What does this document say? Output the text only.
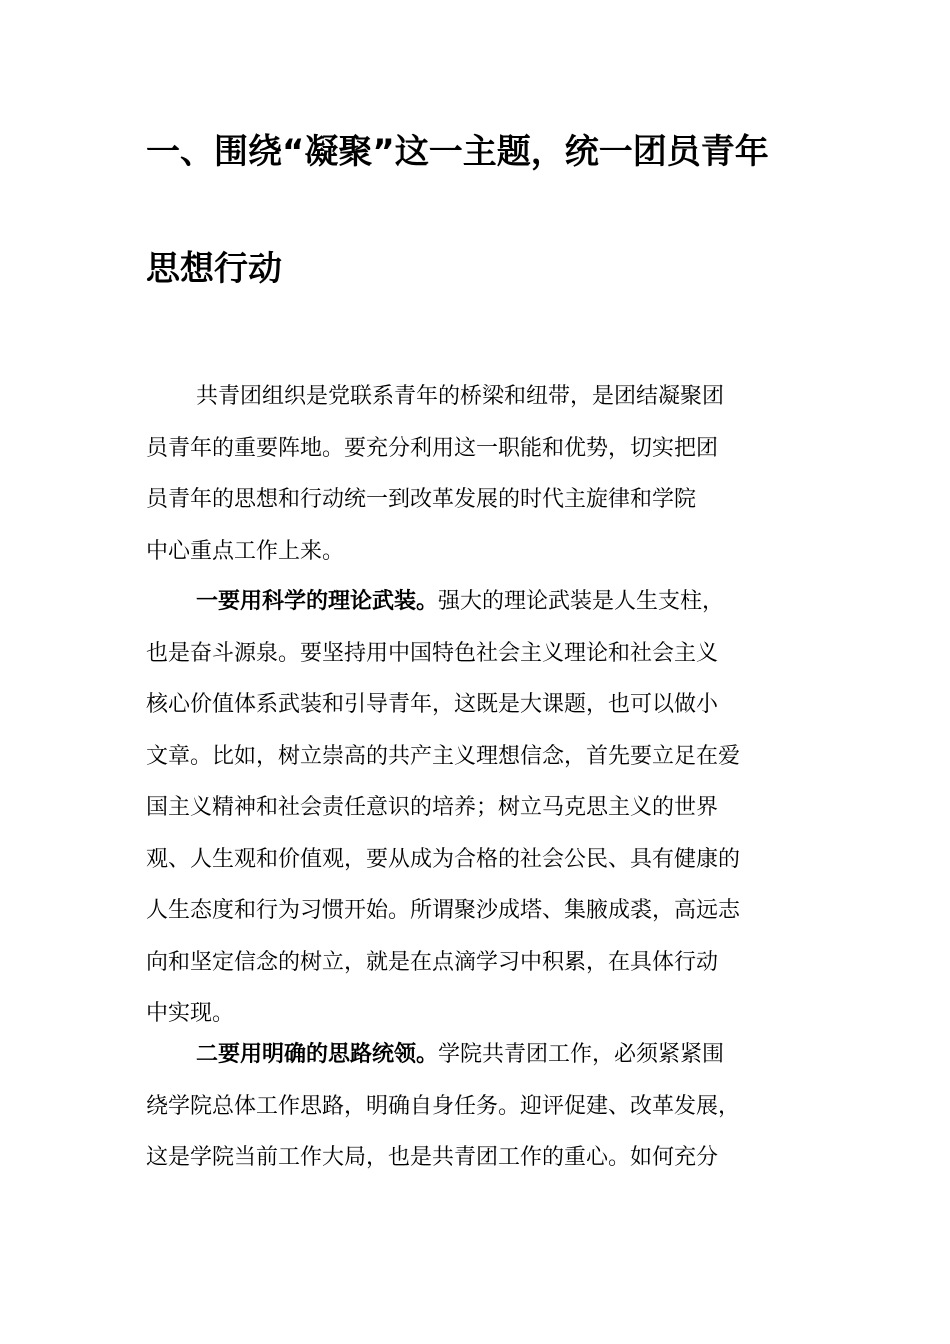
一、围绕“凝聚”这一主题，统一团员青年
思想行动

共青团组织是党联系青年的桥梁和纽带，是团结凝聚团
员青年的重要阵地。要充分利用这一职能和优势，切实把团
员青年的思想和行动统一到改革发展的时代主旋律和学院
中心重点工作上来。

一要用科学的理论武装。强大的理论武装是人生支柱，
也是奋斗源泉。要坚持用中国特色社会主义理论和社会主义
核心价值体系武装和引导青年，这既是大课题，也可以做小
文章。比如，树立崇高的共产主义理想信念，首先要立足在爱
国主义精神和社会责任意识的培养；树立马克思主义的世界
观、人生观和价值观，要从成为合格的社会公民、具有健康的
人生态度和行为习惯开始。所谓聚沙成塔、集腋成裘，高远志
向和坚定信念的树立，就是在点滴学习中积累，在具体行动
中实现。

二要用明确的思路统领。学院共青团工作，必须紧紧围
绕学院总体工作思路，明确自身任务。迎评促建、改革发展，
这是学院当前工作大局，也是共青团工作的重心。如何充分
